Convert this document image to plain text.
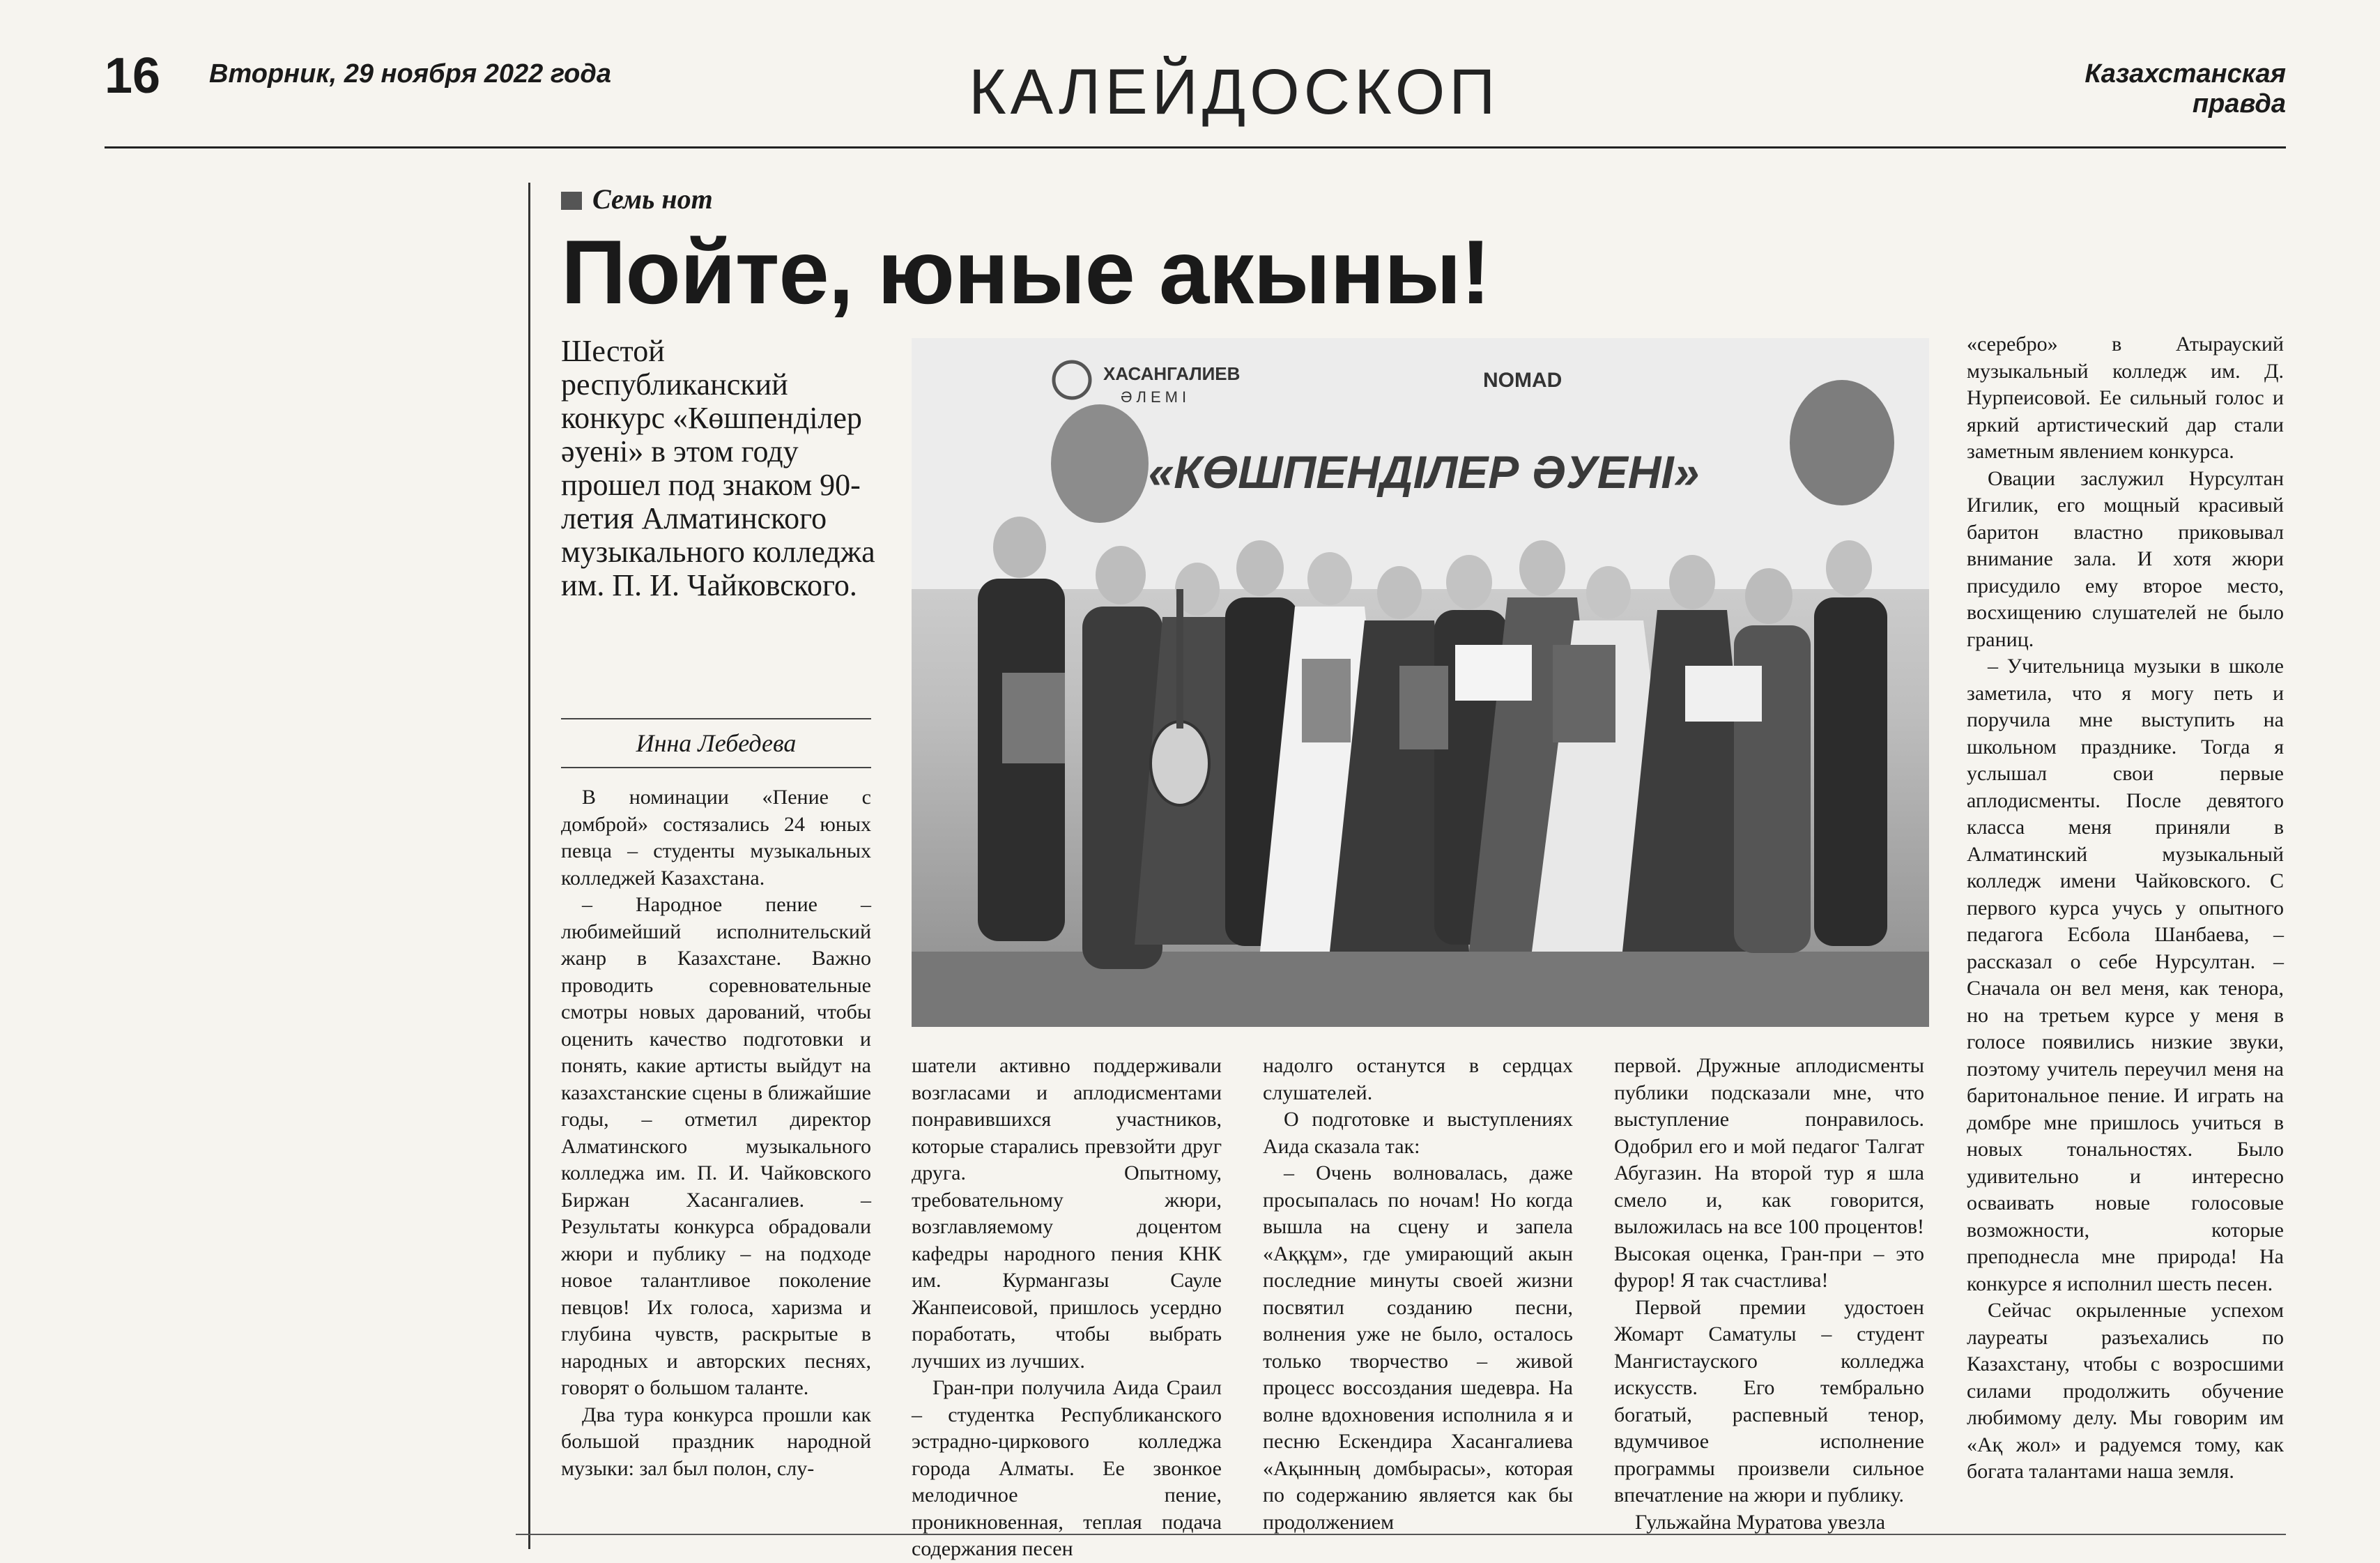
16 Вторник, 29 ноября 2022 года	КАЛЕЙДОСКОП	Казахстанская правда
Семь нот
Пойте, юные акыны!
Шестой республиканский конкурс «Көшпенділер әуені» в этом году прошел под знаком 90-летия Алматинского музыкального колледжа им. П. И. Чайковского.
Инна Лебедева
ХАСАНГАЛИЕВ
ӘЛЕМІ
NOMAD
«КӨШПЕНДІЛЕР ӘУЕНІ»

В номинации «Пение с домброй» состязались 24 юных певца – студенты музыкальных колледжей Казахстана.

– Народное пение – любимейший исполнительский жанр в Казахстане. Важно проводить соревновательные смотры новых дарований, чтобы оценить качество подготовки и понять, какие артисты выйдут на казахстанские сцены в ближайшие годы, – отметил директор Алматинского музыкального колледжа им. П. И. Чайковского Биржан Хасангалиев. – Результаты конкурса обрадовали жюри и публику – на подходе новое талантливое поколение певцов! Их голоса, харизма и глубина чувств, раскрытые в народных и авторских песнях, говорят о большом таланте.

Два тура конкурса прошли как большой праздник народной музыки: зал был полон, слу-

шатели активно поддерживали возгласами и аплодисментами понравившихся участников, которые старались превзойти друг друга. Опытному, требовательному жюри, возглавляемому доцентом кафедры народного пения КНК им. Курмангазы Сауле Жанпеисовой, пришлось усердно поработать, чтобы выбрать лучших из лучших.

Гран-при получила Аида Сраил – студентка Республиканского эстрадно-циркового колледжа города Алматы. Ее звонкое мелодичное пение, проникновенная, теплая подача содержания песен

надолго останутся в сердцах слушателей.

О подготовке и выступлениях Аида сказала так:

– Очень волновалась, даже просыпалась по ночам! Но когда вышла на сцену и запела «Аққұм», где умирающий акын последние минуты своей жизни посвятил созданию песни, волнения уже не было, осталось только творчество – живой процесс воссоздания шедевра. На волне вдохновения исполнила я и песню Ескендира Хасангалиева «Ақынның домбырасы», которая по содержанию является как бы продолжением

первой. Дружные аплодисменты публики подсказали мне, что выступление понравилось. Одобрил его и мой педагог Талгат Абугазин. На второй тур я шла смело и, как говорится, выложилась на все 100 процентов! Высокая оценка, Гран-при – это фурор! Я так счастлива!

Первой премии удостоен Жомарт Саматулы – студент Мангистауского колледжа искусств. Его тембрально богатый, распевный тенор, вдумчивое исполнение программы произвели сильное впечатление на жюри и публику.

Гульжайна Муратова увезла

«серебро» в Атырауский музыкальный колледж им. Д. Нурпеисовой. Ее сильный голос и яркий артистический дар стали заметным явлением конкурса.

Овации заслужил Нурсултан Игилик, его мощный красивый баритон властно приковывал внимание зала. И хотя жюри присудило ему второе место, восхищению слушателей не было границ.

– Учительница музыки в школе заметила, что я могу петь и поручила мне выступить на школьном празднике. Тогда я услышал свои первые аплодисменты. После девятого класса меня приняли в Алматинский музыкальный колледж имени Чайковского. С первого курса учусь у опытного педагога Есбола Шанбаева, – рассказал о себе Нурсултан. – Сначала он вел меня, как тенора, но на третьем курсе у меня в голосе появились низкие звуки, поэтому учитель переучил меня на баритональное пение. И играть на домбре мне пришлось учиться в новых тональностях. Было удивительно и интересно осваивать новые голосовые возможности, которые преподнесла мне природа! На конкурсе я исполнил шесть песен.

Сейчас окрыленные успехом лауреаты разъехались по Казахстану, чтобы с возросшими силами продолжить обучение любимому делу. Мы говорим им «Ақ жол» и радуемся тому, как богата талантами наша земля.
